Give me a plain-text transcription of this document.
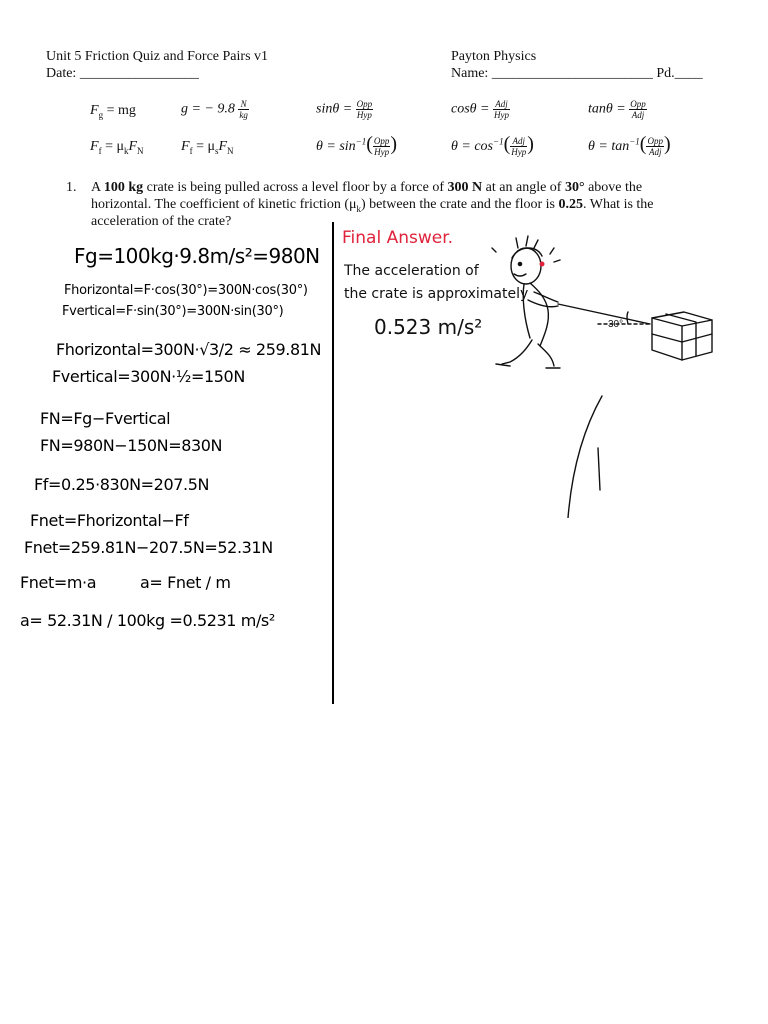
Unit 5 Friction Quiz and Force Pairs v1
Date: _________________
Payton Physics
Name: _______________________ Pd.____
$F_g$ = mg	g = − $9.8 \frac{N}{kg}$	$\sin\theta = \frac{\text{Opp}}{\text{Hyp}}$	$\cos\theta = \frac{\text{Adj}}{\text{Hyp}}$	$\tan\theta = \frac{\text{Opp}}{\text{Adj}}$
$F_f = \mu_kF_N$	$F_f = \mu_sF_N$	$\theta = \sin^{-1}( \frac{\text{Opp}}{\text{Hyp}}$ )	$\theta = \cos^{-1}( \frac{\text{Adj}}{\text{Hyp}}$ )	$\theta = \tan^{-1}( \frac{\text{Opp}}{\text{Adj}}$ )
1. A 100 kg crate is being pulled across a level floor by a force of 300 N at an angle of 30° above the
horizontal. The coefficient of kinetic friction $(\mu_k)$ between the crate and the floor is 0.25. What is the
acceleration of the crate?
Fg=100kg·9.8m/s²=980N
Fhorizontal=F·cos(30°)=300N·cos(30°)
Fvertical=F·sin(30°)=300N·sin(30°)
Fhorizontal=300N·√3/2 ≈ 259.81N
Fvertical=300N·½=150N
FN=Fg−Fvertical
FN=980N−150N=830N
Ff=0.25·830N=207.5N
Fnet=Fhorizontal−Ff
Fnet=259.81N−207.5N=52.31N
Fnet=m·a	a= Fnet / m
a= 52.31N / 100kg =0.5231 m/s²
Final Answer.
The acceleration of
the crate is approximately
0.523 m/s²	30°
